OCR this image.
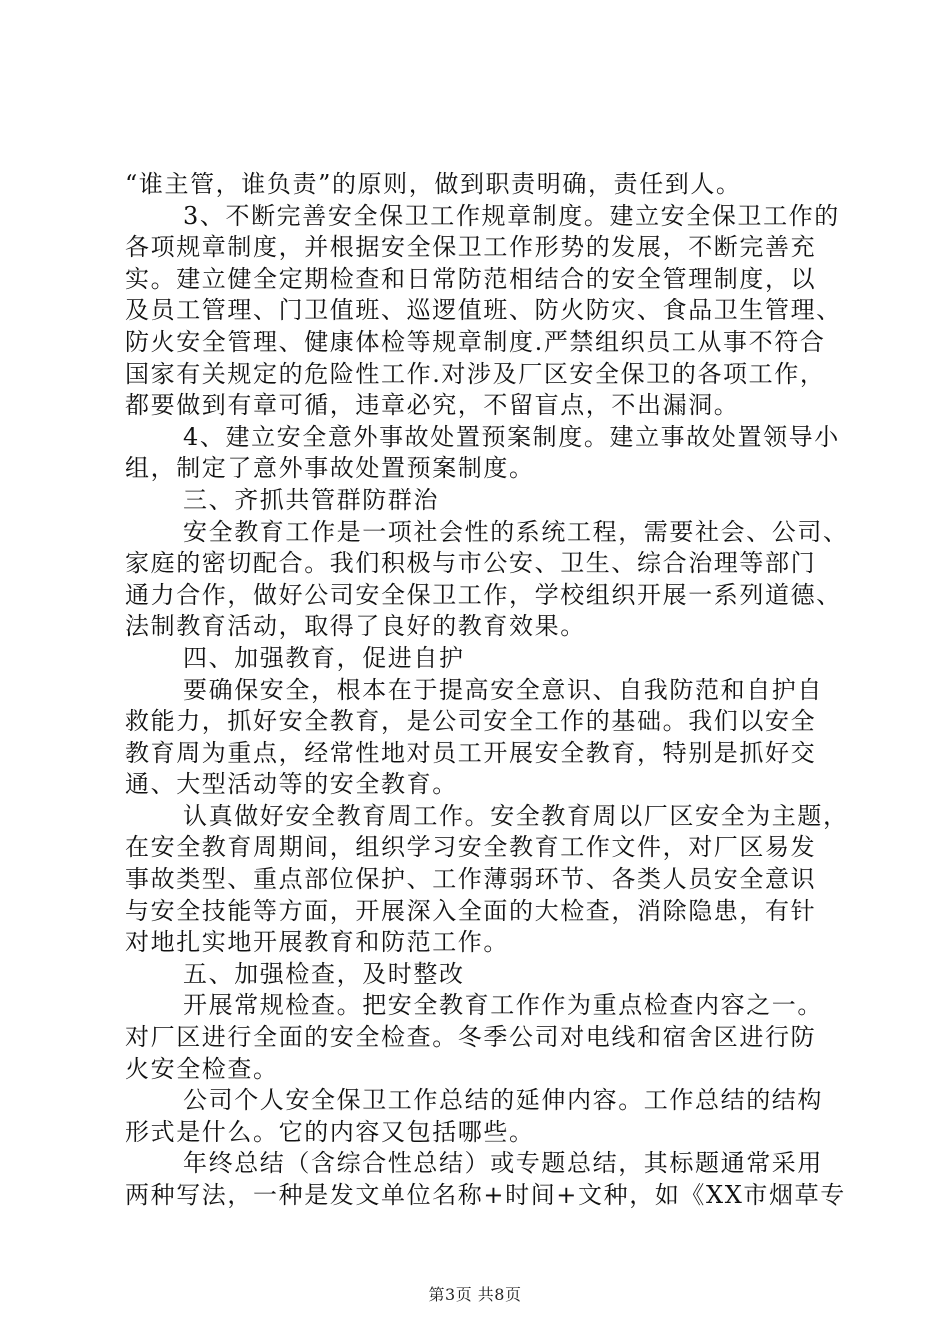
“谁主管，谁负责”的原则，做到职责明确，责任到人。
3、不断完善安全保卫工作规章制度。建立安全保卫工作的
各项规章制度，并根据安全保卫工作形势的发展，不断完善充
实。建立健全定期检查和日常防范相结合的安全管理制度，以
及员工管理、门卫值班、巡逻值班、防火防灾、食品卫生管理、
防火安全管理、健康体检等规章制度.严禁组织员工从事不符合
国家有关规定的危险性工作.对涉及厂区安全保卫的各项工作，
都要做到有章可循，违章必究，不留盲点，不出漏洞。
4、建立安全意外事故处置预案制度。建立事故处置领导小
组，制定了意外事故处置预案制度。
三、齐抓共管群防群治
安全教育工作是一项社会性的系统工程，需要社会、公司、
家庭的密切配合。我们积极与市公安、卫生、综合治理等部门
通力合作，做好公司安全保卫工作，学校组织开展一系列道德、
法制教育活动，取得了良好的教育效果。
四、加强教育，促进自护
要确保安全，根本在于提高安全意识、自我防范和自护自
救能力，抓好安全教育，是公司安全工作的基础。我们以安全
教育周为重点，经常性地对员工开展安全教育，特别是抓好交
通、大型活动等的安全教育。
认真做好安全教育周工作。安全教育周以厂区安全为主题，
在安全教育周期间，组织学习安全教育工作文件，对厂区易发
事故类型、重点部位保护、工作薄弱环节、各类人员安全意识
与安全技能等方面，开展深入全面的大检查，消除隐患，有针
对地扎实地开展教育和防范工作。
五、加强检查，及时整改
开展常规检查。把安全教育工作作为重点检查内容之一。
对厂区进行全面的安全检查。冬季公司对电线和宿舍区进行防
火安全检查。
公司个人安全保卫工作总结的延伸内容。工作总结的结构
形式是什么。它的内容又包括哪些。
年终总结（含综合性总结）或专题总结，其标题通常采用
两种写法，一种是发文单位名称+时间+文种，如《XX市烟草专
第3页 共8页
